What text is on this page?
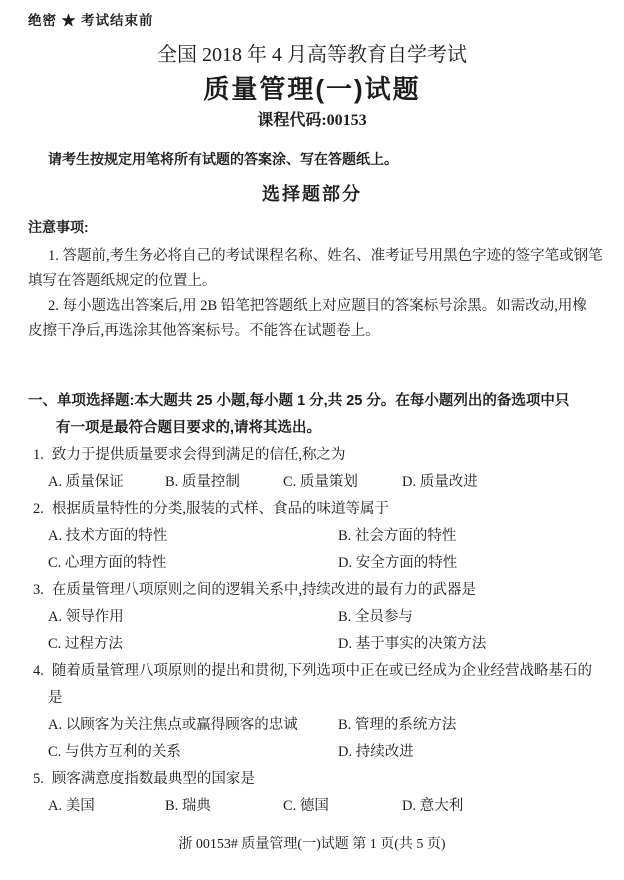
绝密 ★ 考试结束前
全国 2018 年 4 月高等教育自学考试
质量管理(一)试题
课程代码:00153
请考生按规定用笔将所有试题的答案涂、写在答题纸上。
选择题部分
注意事项:
1. 答题前,考生务必将自己的考试课程名称、姓名、准考证号用黑色字迹的签字笔或钢笔
填写在答题纸规定的位置上。
2. 每小题选出答案后,用 2B 铅笔把答题纸上对应题目的答案标号涂黑。如需改动,用橡
皮擦干净后,再选涂其他答案标号。不能答在试题卷上。
一、单项选择题:本大题共 25 小题,每小题 1 分,共 25 分。在每小题列出的备选项中只
有一项是最符合题目要求的,请将其选出。
1. 致力于提供质量要求会得到满足的信任,称之为
A. 质量保证	B. 质量控制	C. 质量策划	D. 质量改进
2. 根据质量特性的分类,服装的式样、食品的味道等属于
A. 技术方面的特性	B. 社会方面的特性
C. 心理方面的特性	D. 安全方面的特性
3. 在质量管理八项原则之间的逻辑关系中,持续改进的最有力的武器是
A. 领导作用	B. 全员参与
C. 过程方法	D. 基于事实的决策方法
4. 随着质量管理八项原则的提出和贯彻,下列选项中正在或已经成为企业经营战略基石的
是
A. 以顾客为关注焦点或赢得顾客的忠诚	B. 管理的系统方法
C. 与供方互利的关系	D. 持续改进
5. 顾客满意度指数最典型的国家是
A. 美国	B. 瑞典	C. 德国	D. 意大利
浙 00153# 质量管理(一)试题 第 1 页(共 5 页)
